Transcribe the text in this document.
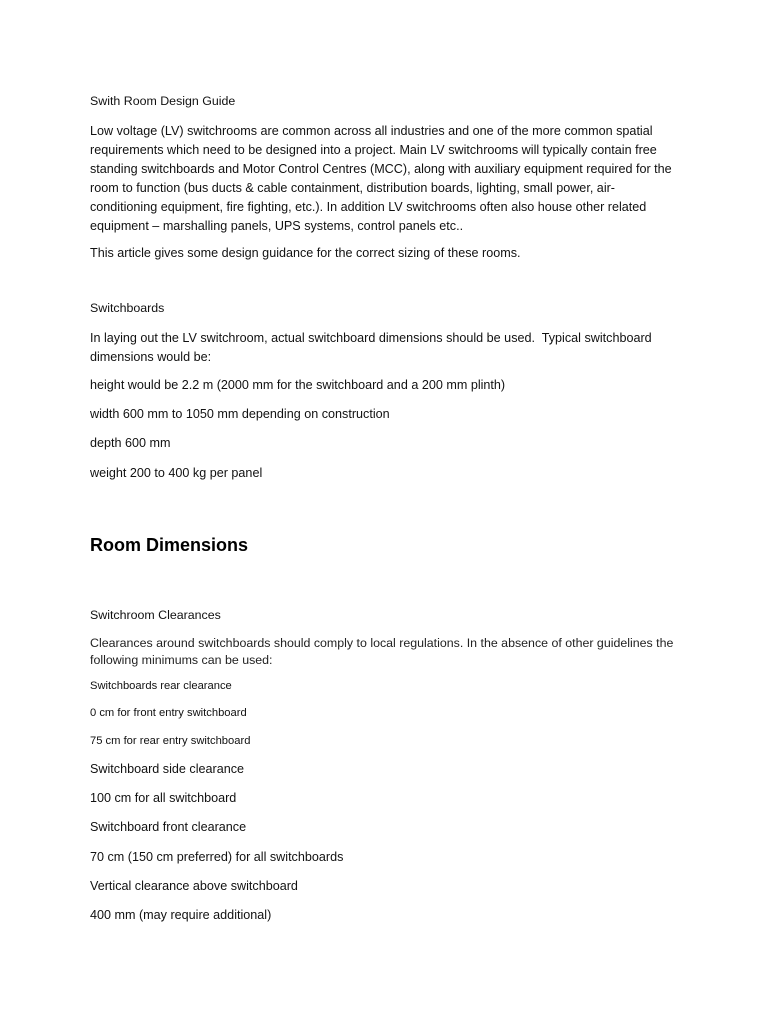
Swith Room Design Guide

Low voltage (LV) switchrooms are common across all industries and one of the more common spatial requirements which need to be designed into a project. Main LV switchrooms will typically contain free standing switchboards and Motor Control Centres (MCC), along with auxiliary equipment required for the room to function (bus ducts & cable containment, distribution boards, lighting, small power, air-conditioning equipment, fire fighting, etc.). In addition LV switchrooms often also house other related equipment – marshalling panels, UPS systems, control panels etc..

This article gives some design guidance for the correct sizing of these rooms.

Switchboards

In laying out the LV switchroom, actual switchboard dimensions should be used.  Typical switchboard dimensions would be:

height would be 2.2 m (2000 mm for the switchboard and a 200 mm plinth)

width 600 mm to 1050 mm depending on construction

depth 600 mm

weight 200 to 400 kg per panel

Room Dimensions

Switchroom Clearances

Clearances around switchboards should comply to local regulations. In the absence of other guidelines the following minimums can be used:

Switchboards rear clearance

0 cm for front entry switchboard

75 cm for rear entry switchboard

Switchboard side clearance

100 cm for all switchboard

Switchboard front clearance

70 cm (150 cm preferred) for all switchboards

Vertical clearance above switchboard

400 mm (may require additional)
